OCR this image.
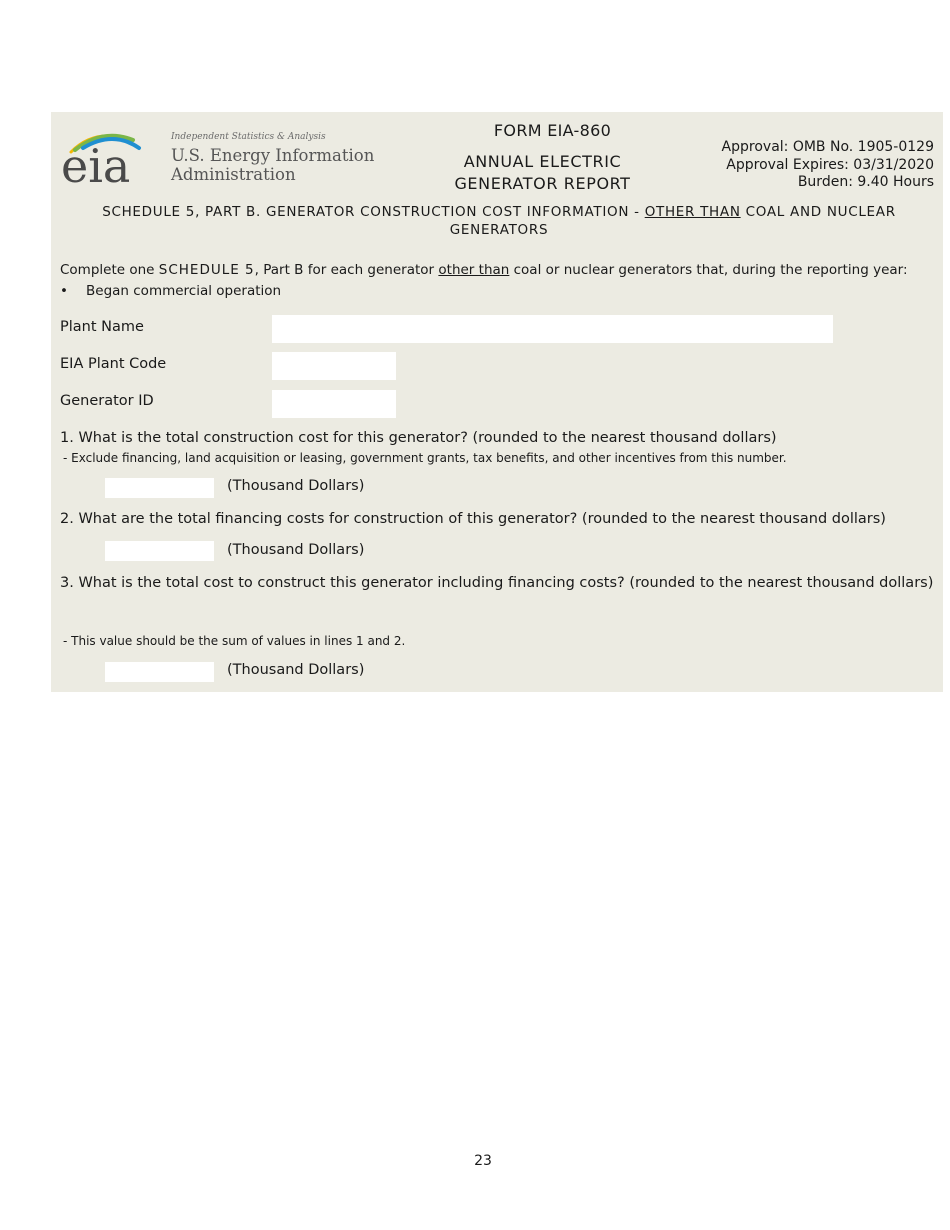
eia
Independent Statistics & Analysis
U.S. Energy Information
Administration
FORM EIA-860
ANNUAL ELECTRIC
GENERATOR REPORT
Approval: OMB No. 1905-0129
Approval Expires: 03/31/2020
Burden: 9.40 Hours
SCHEDULE 5, PART B. GENERATOR CONSTRUCTION COST INFORMATION - OTHER THAN COAL AND NUCLEAR GENERATORS
Complete one SCHEDULE 5, Part B for each generator other than coal or nuclear generators that, during the reporting year:
• Began commercial operation
Plant Name
EIA Plant Code
Generator ID
1. What is the total construction cost for this generator? (rounded to the nearest thousand dollars)
- Exclude financing, land acquisition or leasing, government grants, tax benefits, and other incentives from this number.
(Thousand Dollars)
2. What are the total financing costs for construction of this generator? (rounded to the nearest thousand dollars)
(Thousand Dollars)
3. What is the total cost to construct this generator including financing costs? (rounded to the nearest thousand dollars)
- This value should be the sum of values in lines 1 and 2.
(Thousand Dollars)
23
